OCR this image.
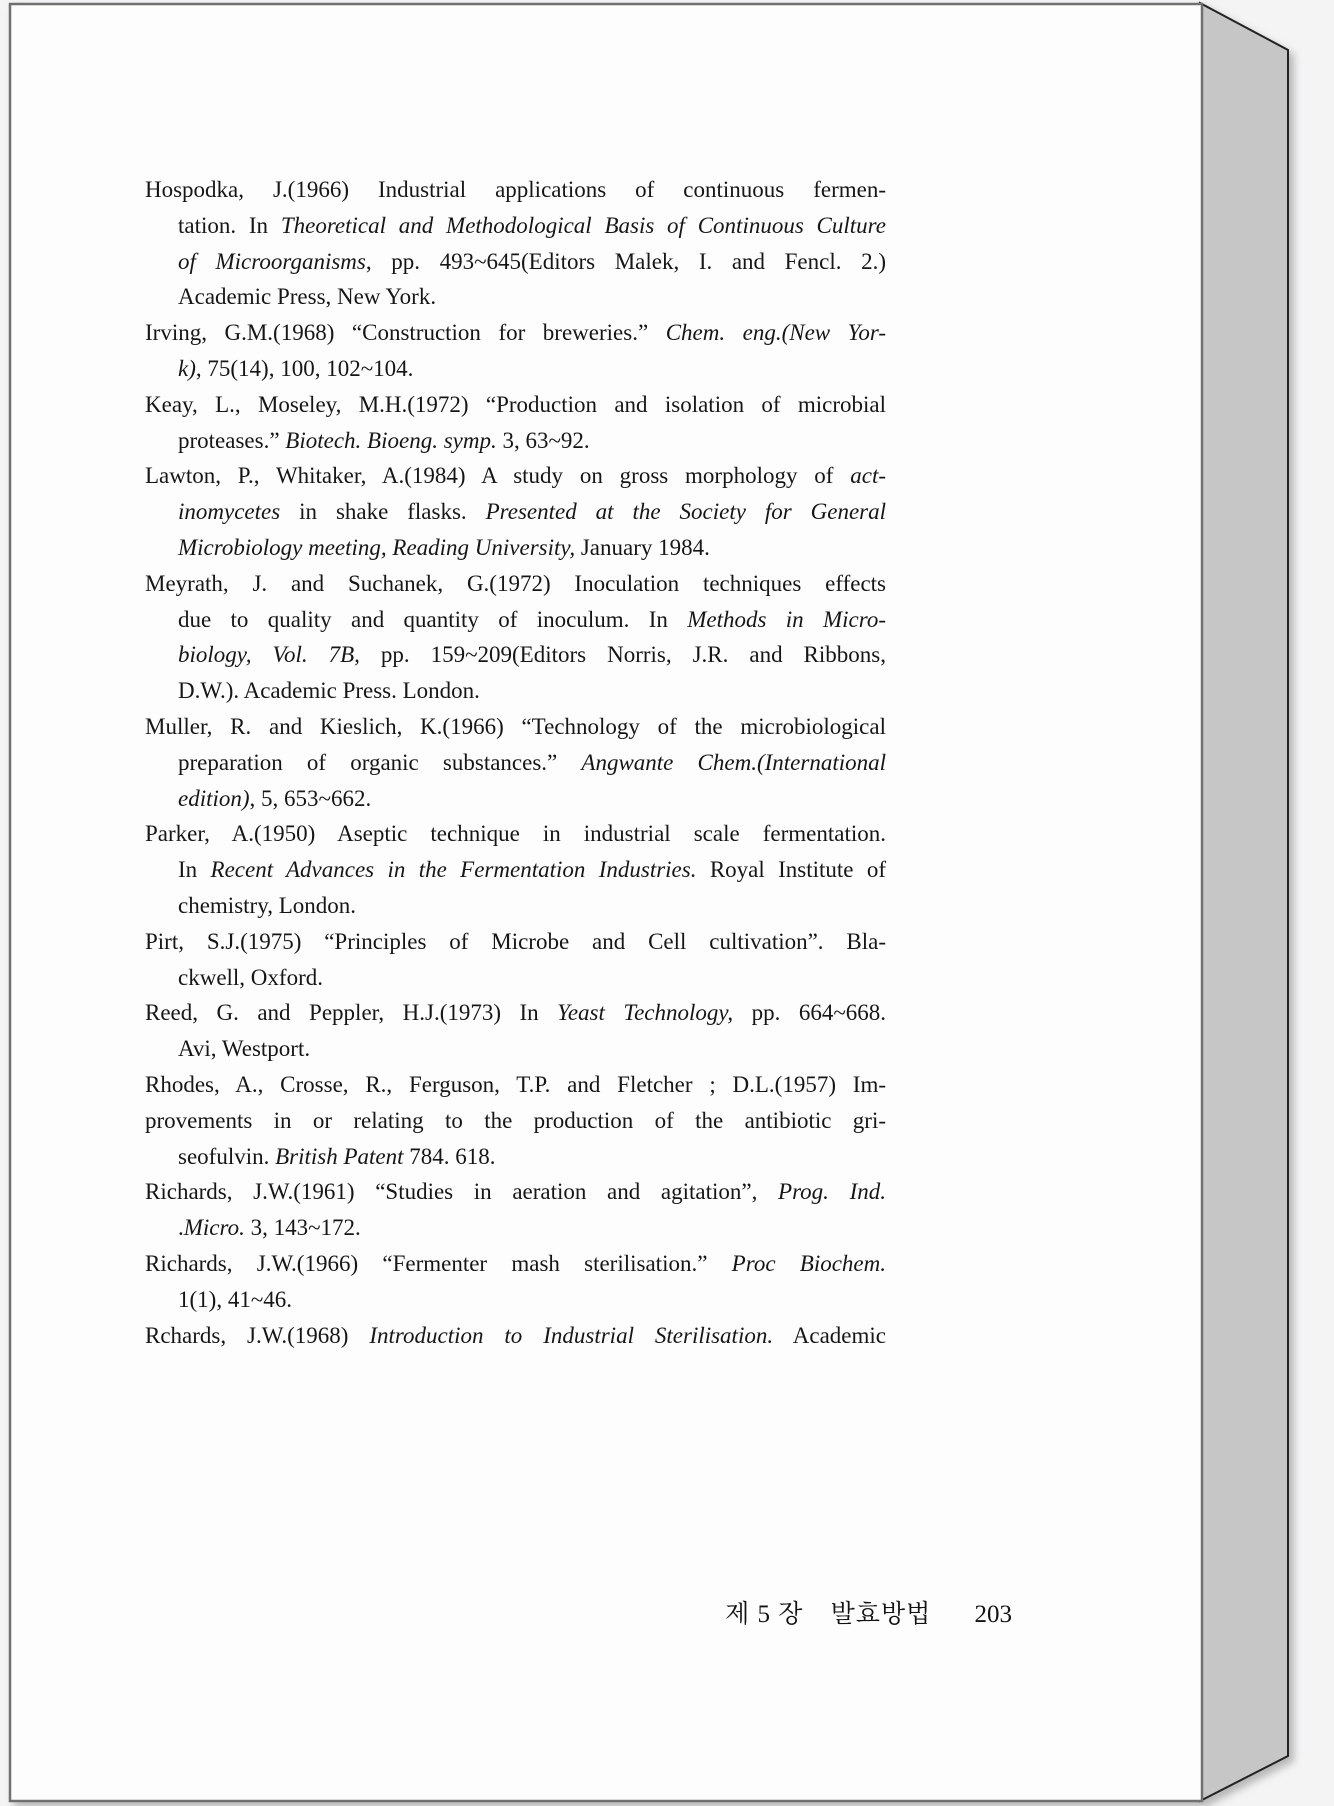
Hospodka, J.(1966) Industrial applications of continuous fermen-
tation. In Theoretical and Methodological Basis of Continuous Culture
of Microorganisms, pp. 493~645(Editors Malek, I. and Fencl. 2.)
Academic Press, New York.
Irving, G.M.(1968) “Construction for breweries.” Chem. eng.(New Yor-
k), 75(14), 100, 102~104.
Keay, L., Moseley, M.H.(1972) “Production and isolation of microbial
proteases.” Biotech. Bioeng. symp. 3, 63~92.
Lawton, P., Whitaker, A.(1984) A study on gross morphology of act-
inomycetes in shake flasks. Presented at the Society for General
Microbiology meeting, Reading University, January 1984.
Meyrath, J. and Suchanek, G.(1972) Inoculation techniques effects
due to quality and quantity of inoculum. In Methods in Micro-
biology, Vol. 7B, pp. 159~209(Editors Norris, J.R. and Ribbons,
D.W.). Academic Press. London.
Muller, R. and Kieslich, K.(1966) “Technology of the microbiological
preparation of organic substances.” Angwante Chem.(International
edition), 5, 653~662.
Parker, A.(1950) Aseptic technique in industrial scale fermentation.
In Recent Advances in the Fermentation Industries. Royal Institute of
chemistry, London.
Pirt, S.J.(1975) “Principles of Microbe and Cell cultivation”. Bla-
ckwell, Oxford.
Reed, G. and Peppler, H.J.(1973) In Yeast Technology, pp. 664~668.
Avi, Westport.
Rhodes, A., Crosse, R., Ferguson, T.P. and Fletcher ; D.L.(1957) Im-
provements in or relating to the production of the antibiotic gri-
seofulvin. British Patent 784. 618.
Richards, J.W.(1961) “Studies in aeration and agitation”, Prog. Ind.
.Micro. 3, 143~172.
Richards, J.W.(1966) “Fermenter mash sterilisation.” Proc Biochem.
1(1), 41~46.
Rchards, J.W.(1968) Introduction to Industrial Sterilisation. Academic
제 5 장 발효방법 203
